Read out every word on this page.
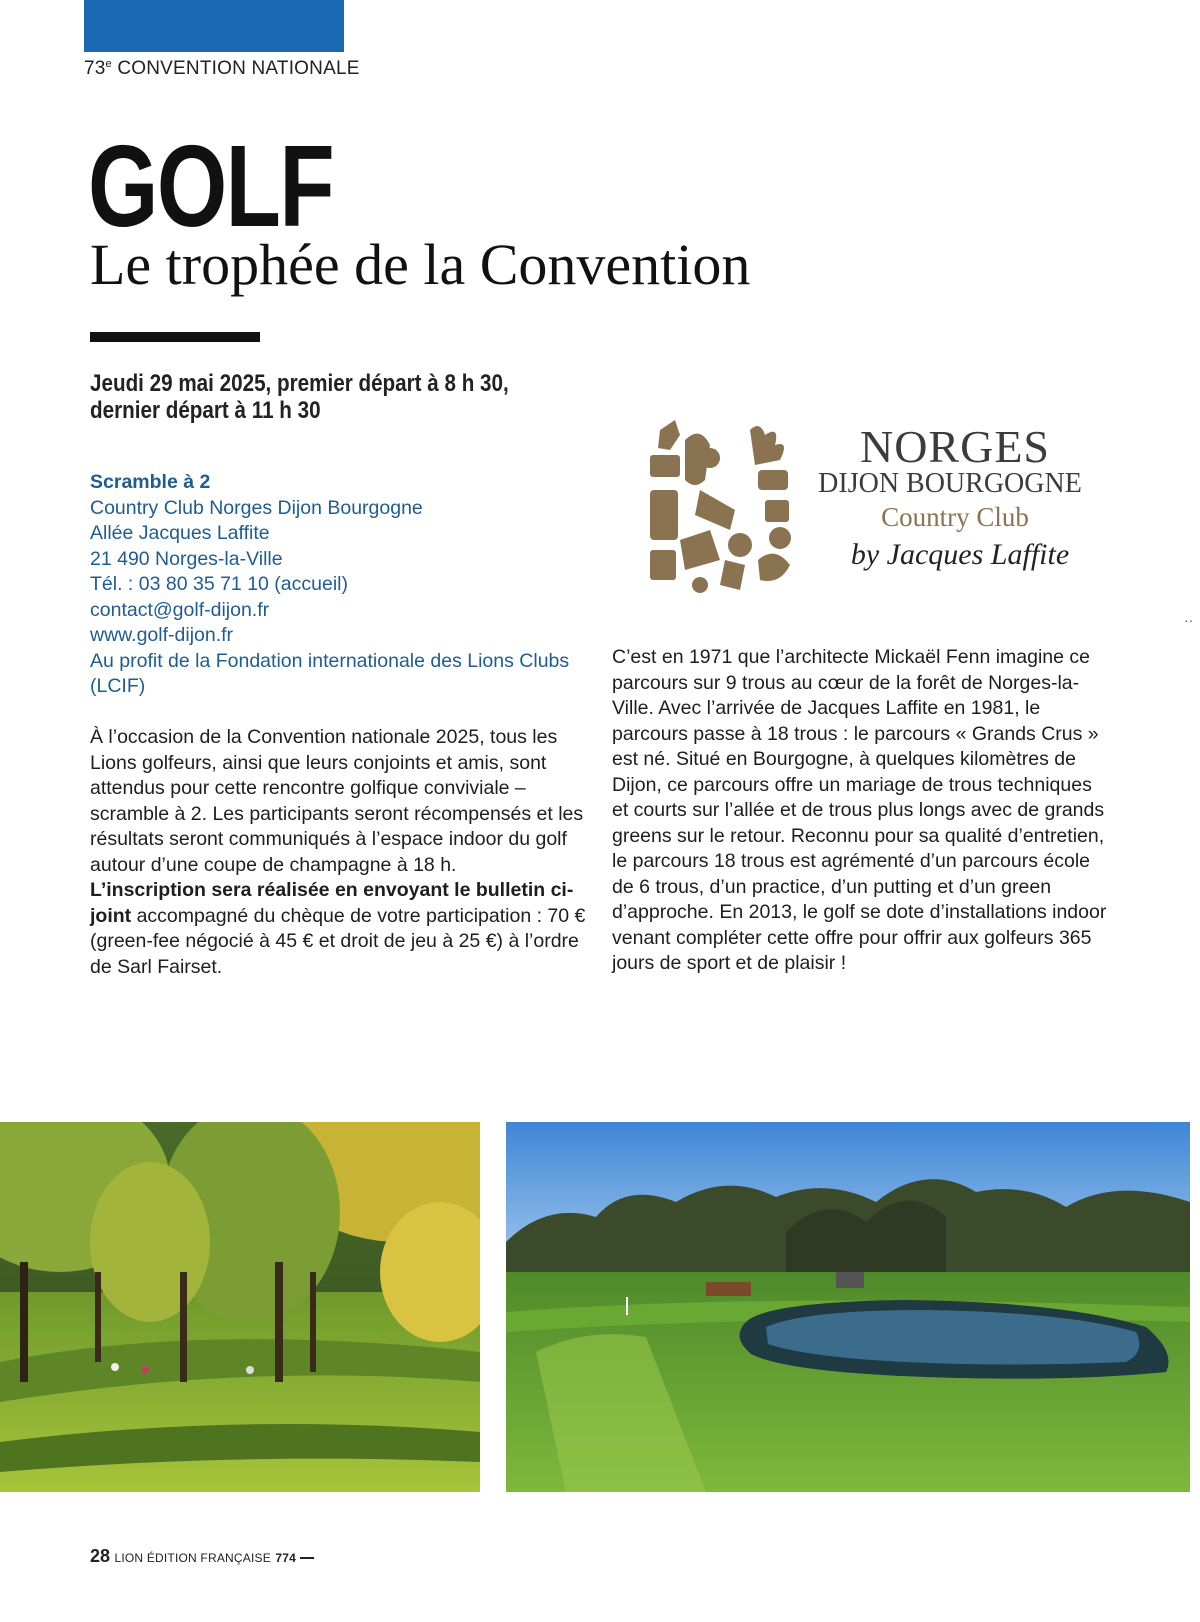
73e CONVENTION NATIONALE
GOLF
Le trophée de la Convention
Jeudi 29 mai 2025, premier départ à 8 h 30, dernier départ à 11 h 30
Scramble à 2
Country Club Norges Dijon Bourgogne
Allée Jacques Laffite
21 490 Norges-la-Ville
Tél. : 03 80 35 71 10 (accueil)
contact@golf-dijon.fr
www.golf-dijon.fr
Au profit de la Fondation internationale des Lions Clubs (LCIF)
À l’occasion de la Convention nationale 2025, tous les Lions golfeurs, ainsi que leurs conjoints et amis, sont attendus pour cette rencontre golfique conviviale – scramble à 2. Les participants seront récompensés et les résultats seront communiqués à l’espace indoor du golf autour d’une coupe de champagne à 18 h.
L’inscription sera réalisée en envoyant le bulletin ci-joint accompagné du chèque de votre participation : 70 € (green-fee négocié à 45 € et droit de jeu à 25 €) à l’ordre de Sarl Fairset.
NORGES
DIJON BOURGOGNE
Country Club
by Jacques Laffite
··
C’est en 1971 que l’architecte Mickaël Fenn imagine ce parcours sur 9 trous au cœur de la forêt de Norges-la-Ville. Avec l’arrivée de Jacques Laffite en 1981, le parcours passe à 18 trous : le parcours « Grands Crus » est né. Situé en Bourgogne, à quelques kilomètres de Dijon, ce parcours offre un mariage de trous techniques et courts sur l’allée et de trous plus longs avec de grands greens sur le retour. Reconnu pour sa qualité d’entretien, le parcours 18 trous est agrémenté d’un parcours école de 6 trous, d’un practice, d’un putting et d’un green d’approche. En 2013, le golf se dote d’installations indoor venant compléter cette offre pour offrir aux golfeurs 365 jours de sport et de plaisir !
28 LION ÉDITION FRANÇAISE 774
